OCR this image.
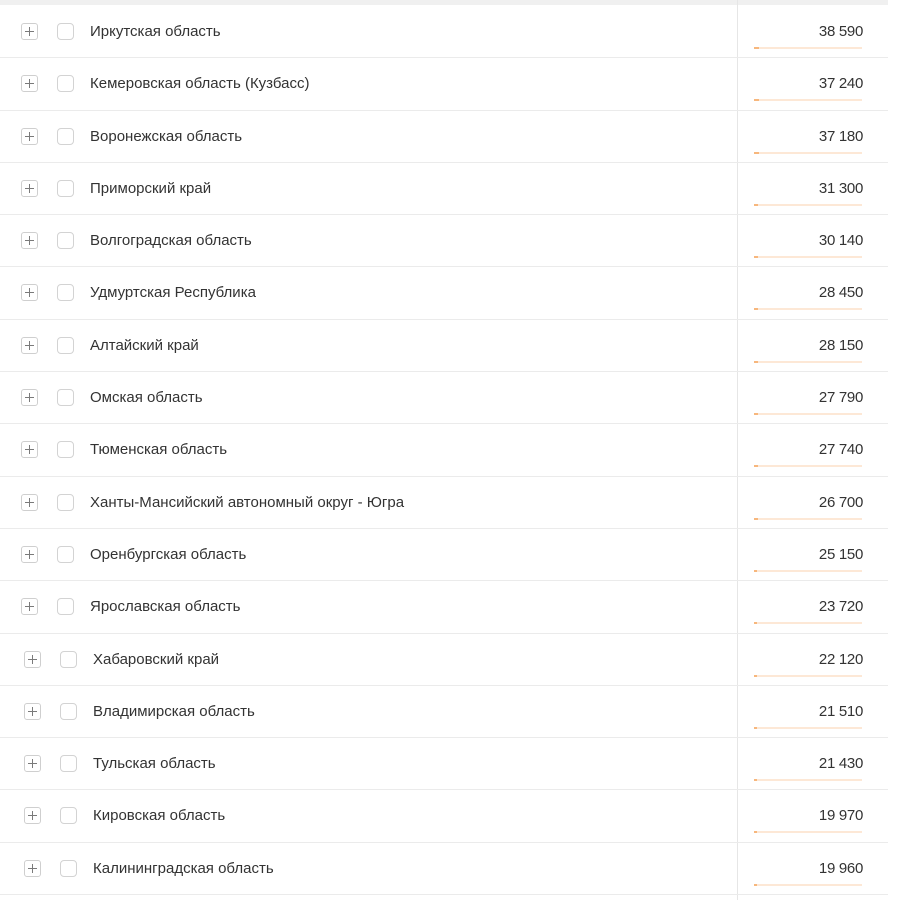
Иркутская область	38 590
Кемеровская область (Кузбасс)	37 240
Воронежская область	37 180
Приморский край	31 300
Волгоградская область	30 140
Удмуртская Республика	28 450
Алтайский край	28 150
Омская область	27 790
Тюменская область	27 740
Ханты-Мансийский автономный округ - Югра	26 700
Оренбургская область	25 150
Ярославская область	23 720
Хабаровский край	22 120
Владимирская область	21 510
Тульская область	21 430
Кировская область	19 970
Калининградская область	19 960
